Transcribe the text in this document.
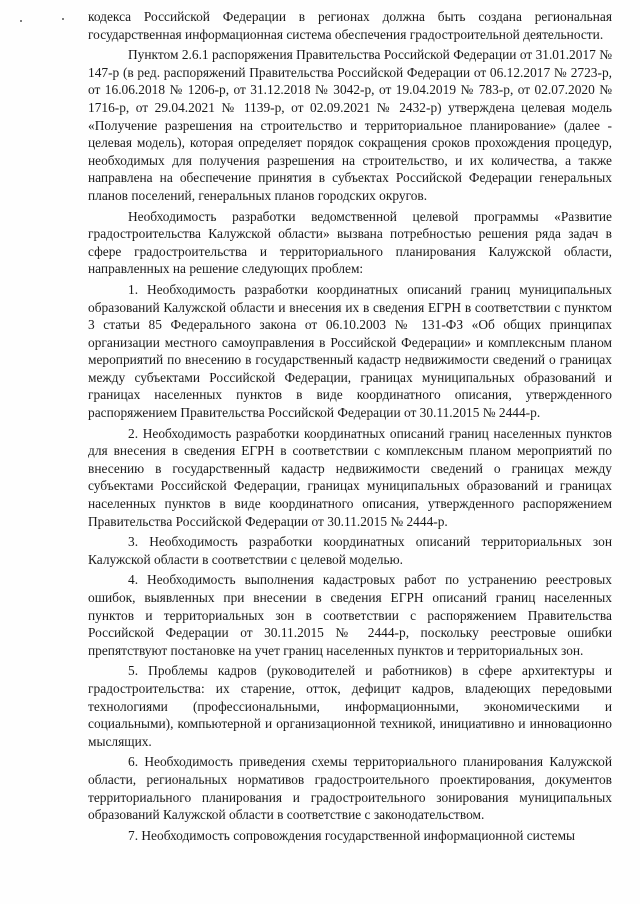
кодекса Российской Федерации в регионах должна быть создана региональная государственная информационная система обеспечения градостроительной деятельности.

Пунктом 2.6.1 распоряжения Правительства Российской Федерации от 31.01.2017 № 147-р (в ред. распоряжений Правительства Российской Федерации от 06.12.2017 № 2723-р, от 16.06.2018 № 1206-р, от 31.12.2018 № 3042-р, от 19.04.2019 № 783-р, от 02.07.2020 № 1716-р, от 29.04.2021 № 1139-р, от 02.09.2021 № 2432-р) утверждена целевая модель «Получение разрешения на строительство и территориальное планирование» (далее - целевая модель), которая определяет порядок сокращения сроков прохождения процедур, необходимых для получения разрешения на строительство, и их количества, а также направлена на обеспечение принятия в субъектах Российской Федерации генеральных планов поселений, генеральных планов городских округов.

Необходимость разработки ведомственной целевой программы «Развитие градостроительства Калужской области» вызвана потребностью решения ряда задач в сфере градостроительства и территориального планирования Калужской области, направленных на решение следующих проблем:

1. Необходимость разработки координатных описаний границ муниципальных образований Калужской области и внесения их в сведения ЕГРН в соответствии с пунктом 3 статьи 85 Федерального закона от 06.10.2003 № 131-ФЗ «Об общих принципах организации местного самоуправления в Российской Федерации» и комплексным планом мероприятий по внесению в государственный кадастр недвижимости сведений о границах между субъектами Российской Федерации, границах муниципальных образований и границах населенных пунктов в виде координатного описания, утвержденного распоряжением Правительства Российской Федерации от 30.11.2015 № 2444-р.

2. Необходимость разработки координатных описаний границ населенных пунктов для внесения в сведения ЕГРН в соответствии с комплексным планом мероприятий по внесению в государственный кадастр недвижимости сведений о границах между субъектами Российской Федерации, границах муниципальных образований и границах населенных пунктов в виде координатного описания, утвержденного распоряжением Правительства Российской Федерации от 30.11.2015 № 2444-р.

3. Необходимость разработки координатных описаний территориальных зон Калужской области в соответствии с целевой моделью.

4. Необходимость выполнения кадастровых работ по устранению реестровых ошибок, выявленных при внесении в сведения ЕГРН описаний границ населенных пунктов и территориальных зон в соответствии с распоряжением Правительства Российской Федерации от 30.11.2015 № 2444-р, поскольку реестровые ошибки препятствуют постановке на учет границ населенных пунктов и территориальных зон.

5. Проблемы кадров (руководителей и работников) в сфере архитектуры и градостроительства: их старение, отток, дефицит кадров, владеющих передовыми технологиями (профессиональными, информационными, экономическими и социальными), компьютерной и организационной техникой, инициативно и инновационно мыслящих.

6. Необходимость приведения схемы территориального планирования Калужской области, региональных нормативов градостроительного проектирования, документов территориального планирования и градостроительного зонирования муниципальных образований Калужской области в соответствие с законодательством.

7. Необходимость сопровождения государственной информационной системы
